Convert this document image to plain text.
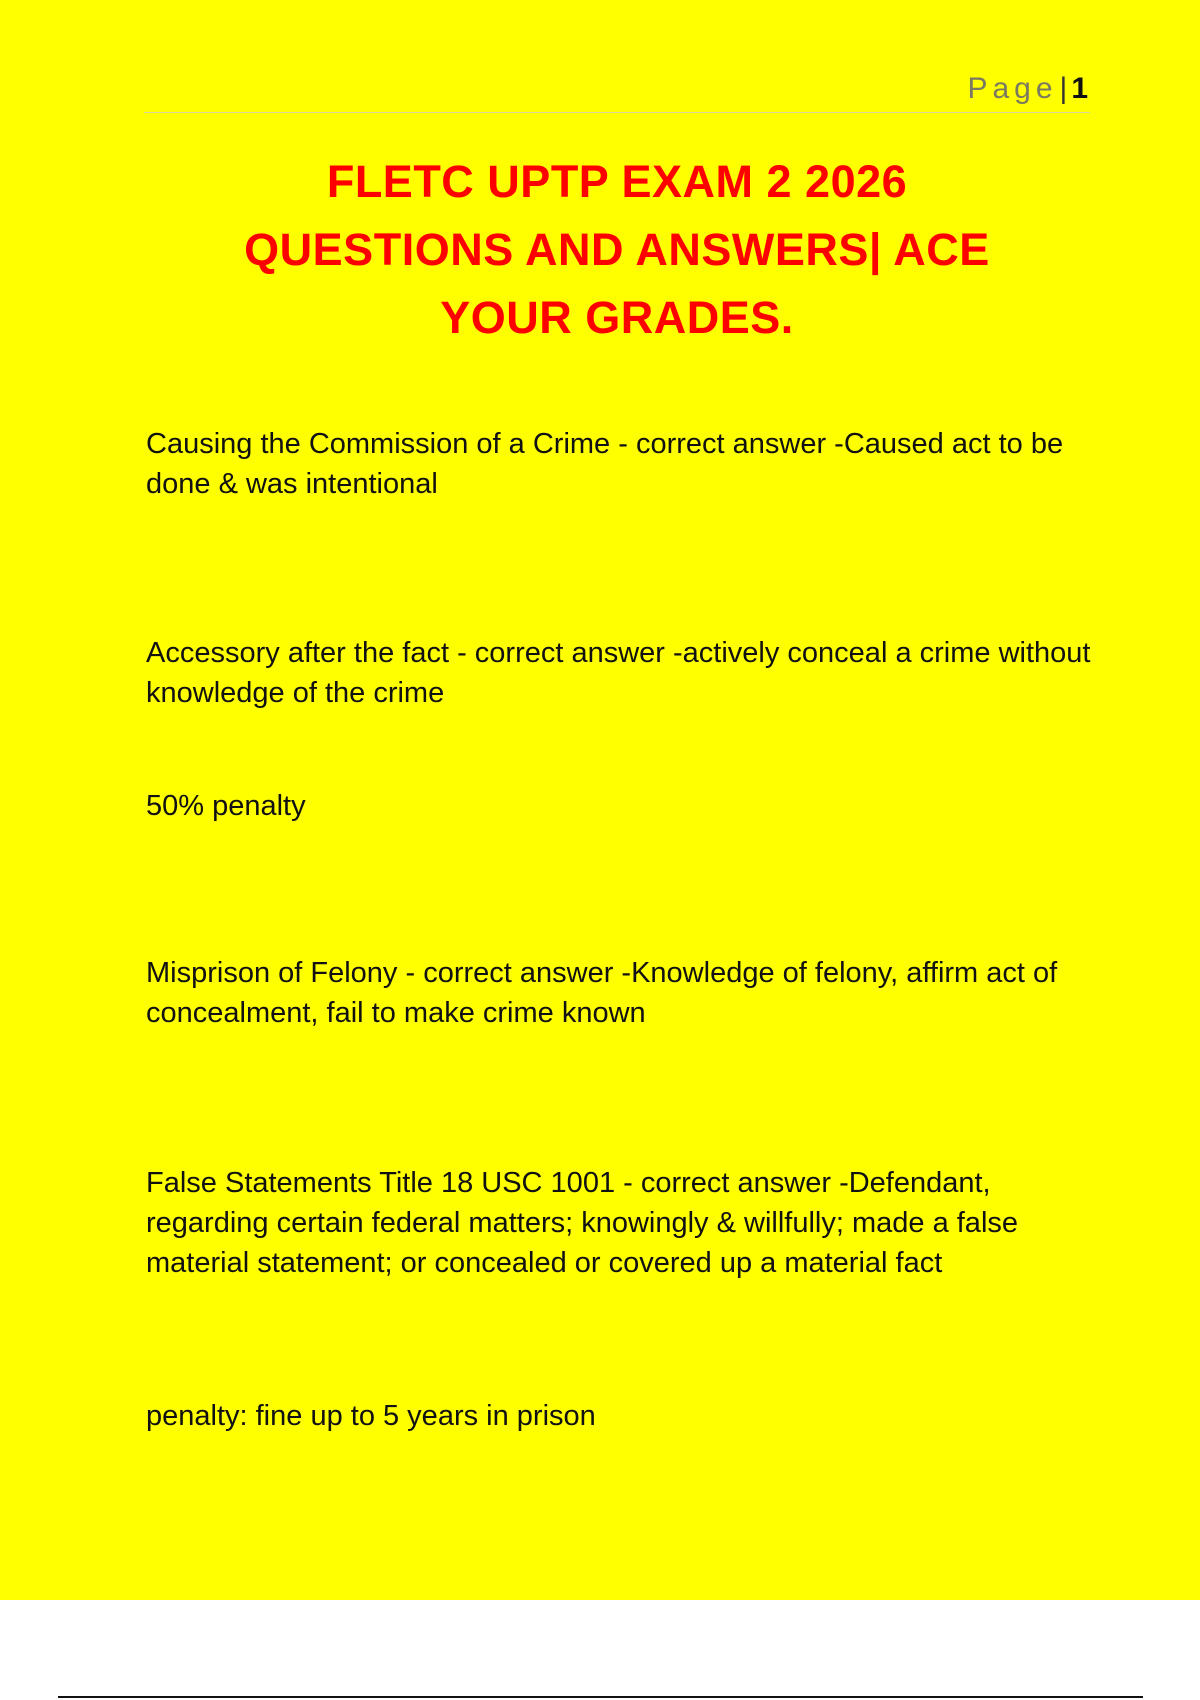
Page| 1
FLETC UPTP EXAM 2 2026
QUESTIONS AND ANSWERS| ACE
YOUR GRADES.

Causing the Commission of a Crime - correct answer -Caused act to be done & was intentional

Accessory after the fact - correct answer -actively conceal a crime without knowledge of the crime

50% penalty

Misprison of Felony - correct answer -Knowledge of felony, affirm act of concealment, fail to make crime known

False Statements Title 18 USC 1001 - correct answer -Defendant, regarding certain federal matters; knowingly & willfully; made a false material statement; or concealed or covered up a material fact

penalty: fine up to 5 years in prison
